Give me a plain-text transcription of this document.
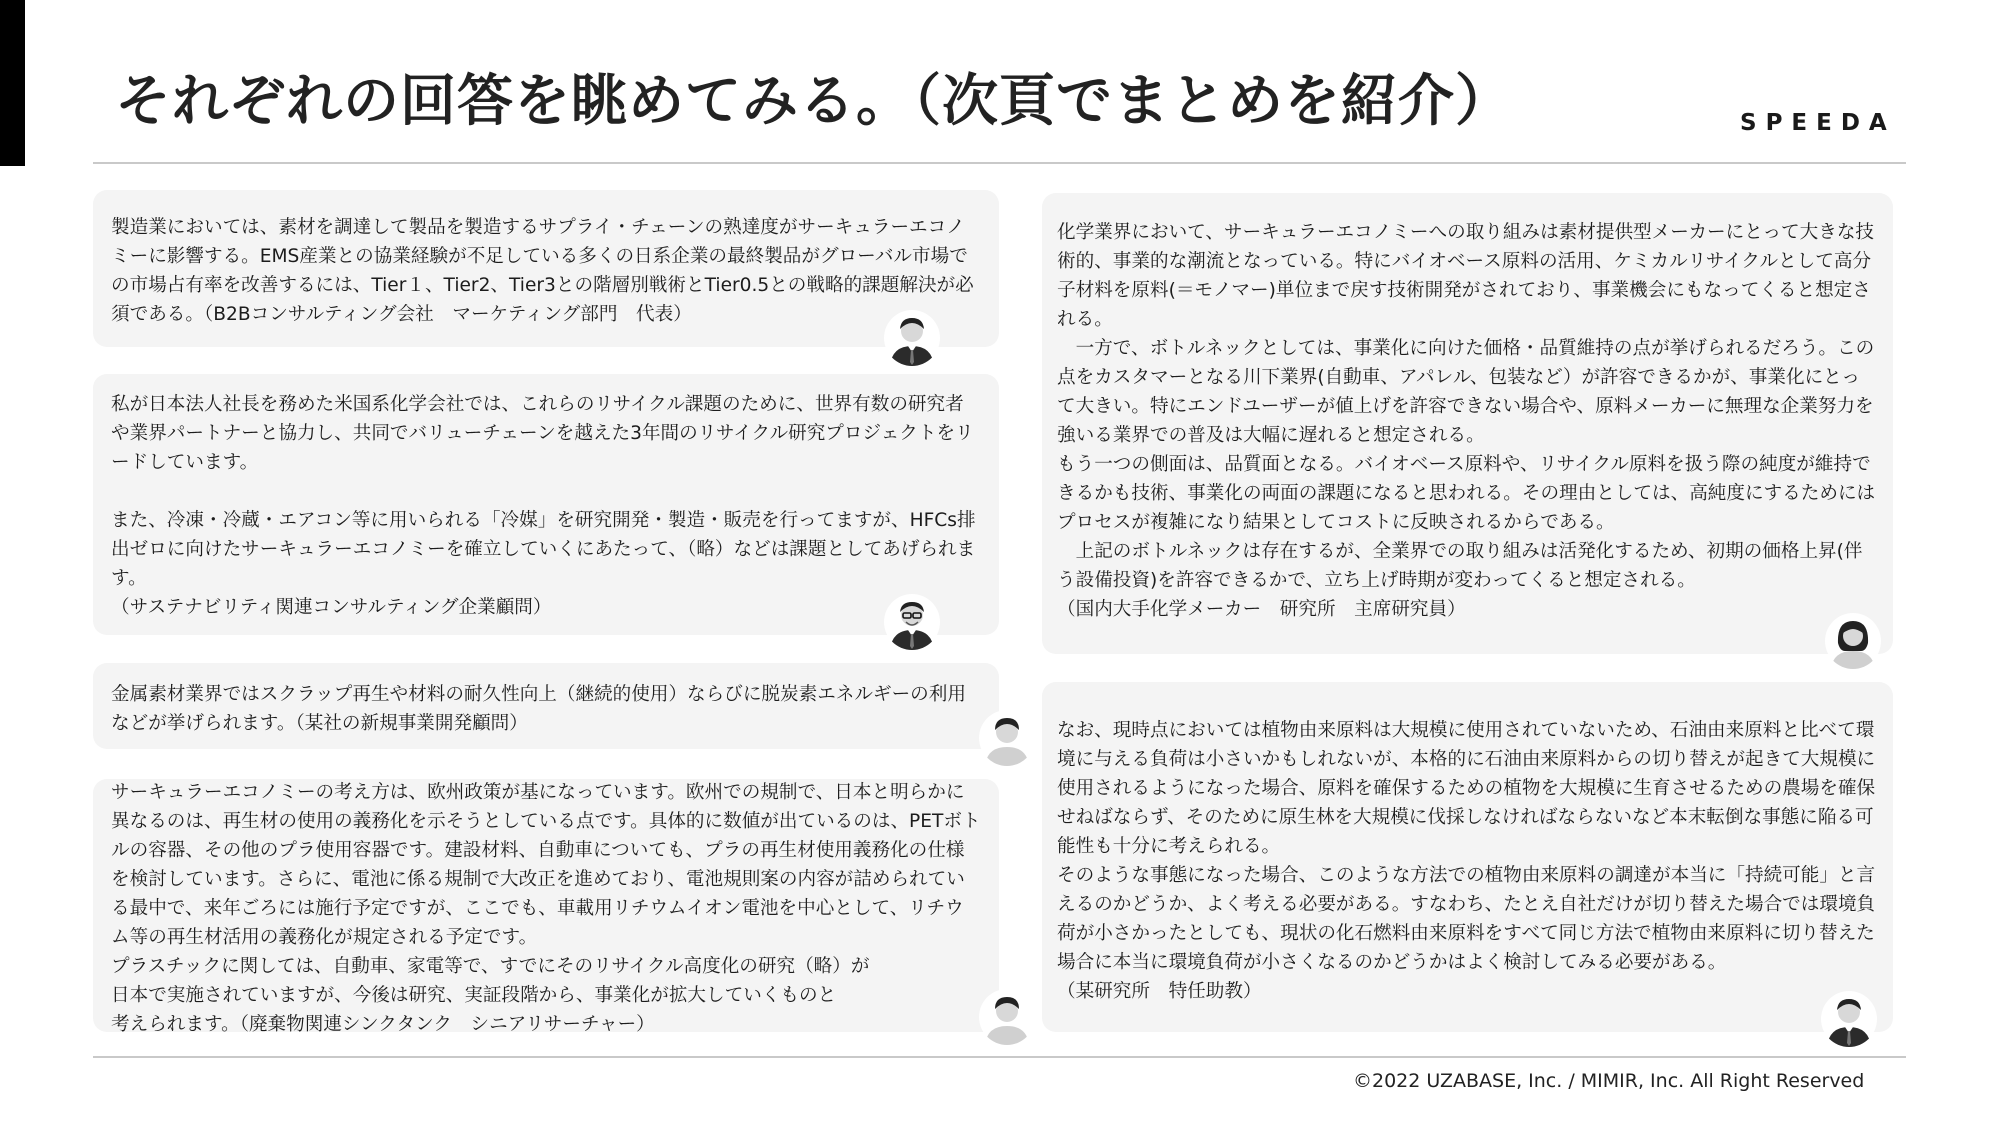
それぞれの回答を眺めてみる。（次頁でまとめを紹介）	SPEEDA

製造業においては、素材を調達して製品を製造するサプライ・チェーンの熟達度がサーキュラーエコノミーに影響する。EMS産業との協業経験が不足している多くの日系企業の最終製品がグローバル市場での市場占有率を改善するには、Tier１、Tier2、Tier3との階層別戦術とTier0.5との戦略的課題解決が必須である。（B2Bコンサルティング会社　マーケティング部門　代表）

私が日本法人社長を務めた米国系化学会社では、これらのリサイクル課題のために、世界有数の研究者や業界パートナーと協力し、共同でバリューチェーンを越えた3年間のリサイクル研究プロジェクトをリードしています。

また、冷凍・冷蔵・エアコン等に用いられる「冷媒」を研究開発・製造・販売を行ってますが、HFCs排出ゼロに向けたサーキュラーエコノミーを確立していくにあたって、（略）などは課題としてあげられます。
（サステナビリティ関連コンサルティング企業顧問）

金属素材業界ではスクラップ再生や材料の耐久性向上（継続的使用）ならびに脱炭素エネルギーの利用などが挙げられます。（某社の新規事業開発顧問）

サーキュラーエコノミーの考え方は、欧州政策が基になっています。欧州での規制で、日本と明らかに異なるのは、再生材の使用の義務化を示そうとしている点です。具体的に数値が出ているのは、PETボトルの容器、その他のプラ使用容器です。建設材料、自動車についても、プラの再生材使用義務化の仕様を検討しています。さらに、電池に係る規制で大改正を進めており、電池規則案の内容が詰められている最中で、来年ごろには施行予定ですが、ここでも、車載用リチウムイオン電池を中心として、リチウム等の再生材活用の義務化が規定される予定です。
プラスチックに関しては、自動車、家電等で、すでにそのリサイクル高度化の研究（略）が
日本で実施されていますが、今後は研究、実証段階から、事業化が拡大していくものと
考えられます。（廃棄物関連シンクタンク　シニアリサーチャー）

化学業界において、サーキュラーエコノミーへの取り組みは素材提供型メーカーにとって大きな技術的、事業的な潮流となっている。特にバイオベース原料の活用、ケミカルリサイクルとして高分子材料を原料(＝モノマー)単位まで戻す技術開発がされており、事業機会にもなってくると想定される。
　一方で、ボトルネックとしては、事業化に向けた価格・品質維持の点が挙げられるだろう。この点をカスタマーとなる川下業界(自動車、アパレル、包装など）が許容できるかが、事業化にとって大きい。特にエンドユーザーが値上げを許容できない場合や、原料メーカーに無理な企業努力を強いる業界での普及は大幅に遅れると想定される。
もう一つの側面は、品質面となる。バイオベース原料や、リサイクル原料を扱う際の純度が維持できるかも技術、事業化の両面の課題になると思われる。その理由としては、高純度にするためにはプロセスが複雑になり結果としてコストに反映されるからである。
　上記のボトルネックは存在するが、全業界での取り組みは活発化するため、初期の価格上昇(伴う設備投資)を許容できるかで、立ち上げ時期が変わってくると想定される。
（国内大手化学メーカー　研究所　主席研究員）

なお、現時点においては植物由来原料は大規模に使用されていないため、石油由来原料と比べて環境に与える負荷は小さいかもしれないが、本格的に石油由来原料からの切り替えが起きて大規模に使用されるようになった場合、原料を確保するための植物を大規模に生育させるための農場を確保せねばならず、そのために原生林を大規模に伐採しなければならないなど本末転倒な事態に陥る可能性も十分に考えられる。
そのような事態になった場合、このような方法での植物由来原料の調達が本当に「持続可能」と言えるのかどうか、よく考える必要がある。すなわち、たとえ自社だけが切り替えた場合では環境負荷が小さかったとしても、現状の化石燃料由来原料をすべて同じ方法で植物由来原料に切り替えた場合に本当に環境負荷が小さくなるのかどうかはよく検討してみる必要がある。
（某研究所　特任助教）

©2022 UZABASE, Inc. / MIMIR, Inc. All Right Reserved
